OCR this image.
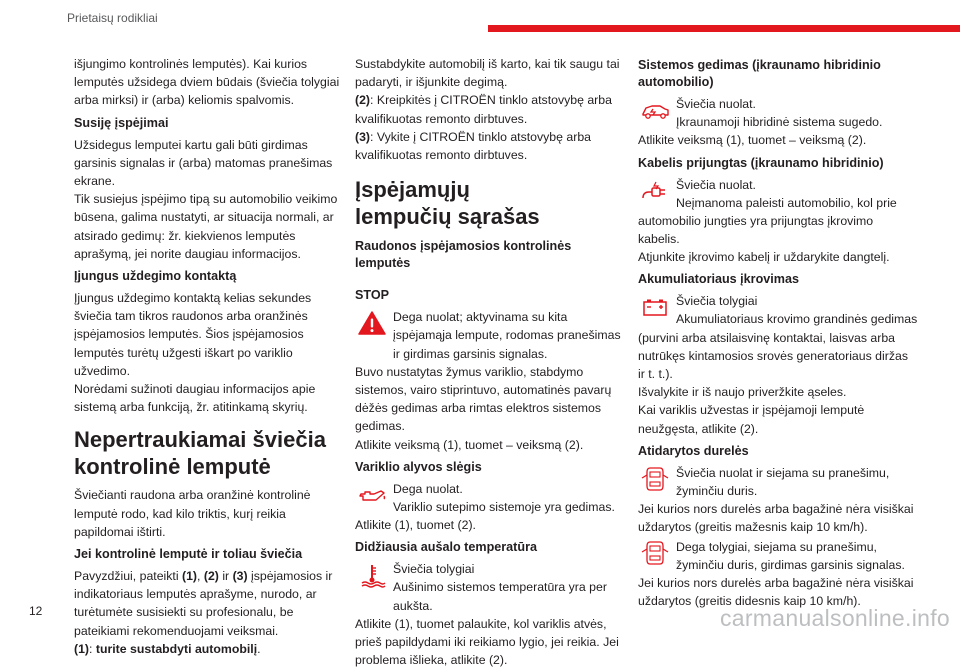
Prietaisų rodikliai

išjungimo kontrolinės lemputės). Kai kurios lemputės užsidega dviem būdais (šviečia tolygiai arba mirksi) ir (arba) keliomis spalvomis.

Susiję įspėjimai

Užsidegus lemputei kartu gali būti girdimas garsinis signalas ir (arba) matomas pranešimas ekrane.

Tik susiejus įspėjimo tipą su automobilio veikimo būsena, galima nustatyti, ar situacija normali, ar atsirado gedimų: žr. kiekvienos lemputės aprašymą, jei norite daugiau informacijos.

Įjungus uždegimo kontaktą

Įjungus uždegimo kontaktą kelias sekundes šviečia tam tikros raudonos arba oranžinės įspėjamosios lemputės. Šios įspėjamosios lemputės turėtų užgesti iškart po variklio užvedimo.

Norėdami sužinoti daugiau informacijos apie sistemą arba funkciją, žr. atitinkamą skyrių.

Nepertraukiamai šviečia kontrolinė lemputė

Šviečianti raudona arba oranžinė kontrolinė lemputė rodo, kad kilo triktis, kurį reikia papildomai ištirti.

Jei kontrolinė lemputė ir toliau šviečia

Pavyzdžiui, pateikti (1), (2) ir (3) įspėjamosios ir indikatoriaus lemputės aprašyme, nurodo, ar turėtumėte susisiekti su profesionalu, be pateikiami rekomenduojami veiksmai.

(1): turite sustabdyti automobilį.

Sustabdykite automobilį iš karto, kai tik saugu tai padaryti, ir išjunkite degimą.

(2): Kreipkitės į CITROËN tinklo atstovybę arba kvalifikuotas remonto dirbtuves.

(3): Vykite į CITROËN tinklo atstovybę arba kvalifikuotas remonto dirbtuves.

Įspėjamųjų lempučių sąrašas
Raudonos įspėjamosios kontrolinės lemputės
STOP

Dega nuolat; aktyvinama su kita įspėjamąja lempute, rodomas pranešimas ir girdimas garsinis signalas.

Buvo nustatytas žymus variklio, stabdymo sistemos, vairo stiprintuvo, automatinės pavarų dėžės gedimas arba rimtas elektros sistemos gedimas.

Atlikite veiksmą (1), tuomet – veiksmą (2).

Variklio alyvos slėgis

Dega nuolat.

Variklio sutepimo sistemoje yra gedimas.

Atlikite (1), tuomet (2).

Didžiausia aušalo temperatūra

Šviečia tolygiai

Aušinimo sistemos temperatūra yra per aukšta.

Atlikite (1), tuomet palaukite, kol variklis atvės, prieš papildydami iki reikiamo lygio, jei reikia. Jei problema išlieka, atlikite (2).

Sistemos gedimas (įkraunamo hibridinio automobilio)

Šviečia nuolat.

Įkraunamoji hibridinė sistema sugedo.

Atlikite veiksmą (1), tuomet – veiksmą (2).

Kabelis prijungtas (įkraunamo hibridinio)

Šviečia nuolat.

Neįmanoma paleisti automobilio, kol prie automobilio jungties yra prijungtas įkrovimo kabelis.

Atjunkite įkrovimo kabelį ir uždarykite dangtelį.

Akumuliatoriaus įkrovimas

Šviečia tolygiai

Akumuliatoriaus krovimo grandinės gedimas (purvini arba atsilaisvinę kontaktai, laisvas arba nutrūkęs kintamosios srovės generatoriaus diržas ir t. t.).

Išvalykite ir iš naujo priveržkite ąseles.

Kai variklis užvestas ir įspėjamoji lemputė neužgęsta, atlikite (2).

Atidarytos durelės

Šviečia nuolat ir siejama su pranešimu, žyminčiu duris.

Jei kurios nors durelės arba bagažinė nėra visiškai uždarytos (greitis mažesnis kaip 10 km/h).

Dega tolygiai, siejama su pranešimu, žyminčiu duris, girdimas garsinis signalas.

Jei kurios nors durelės arba bagažinė nėra visiškai uždarytos (greitis didesnis kaip 10 km/h).

12	carmanualsonline.info
